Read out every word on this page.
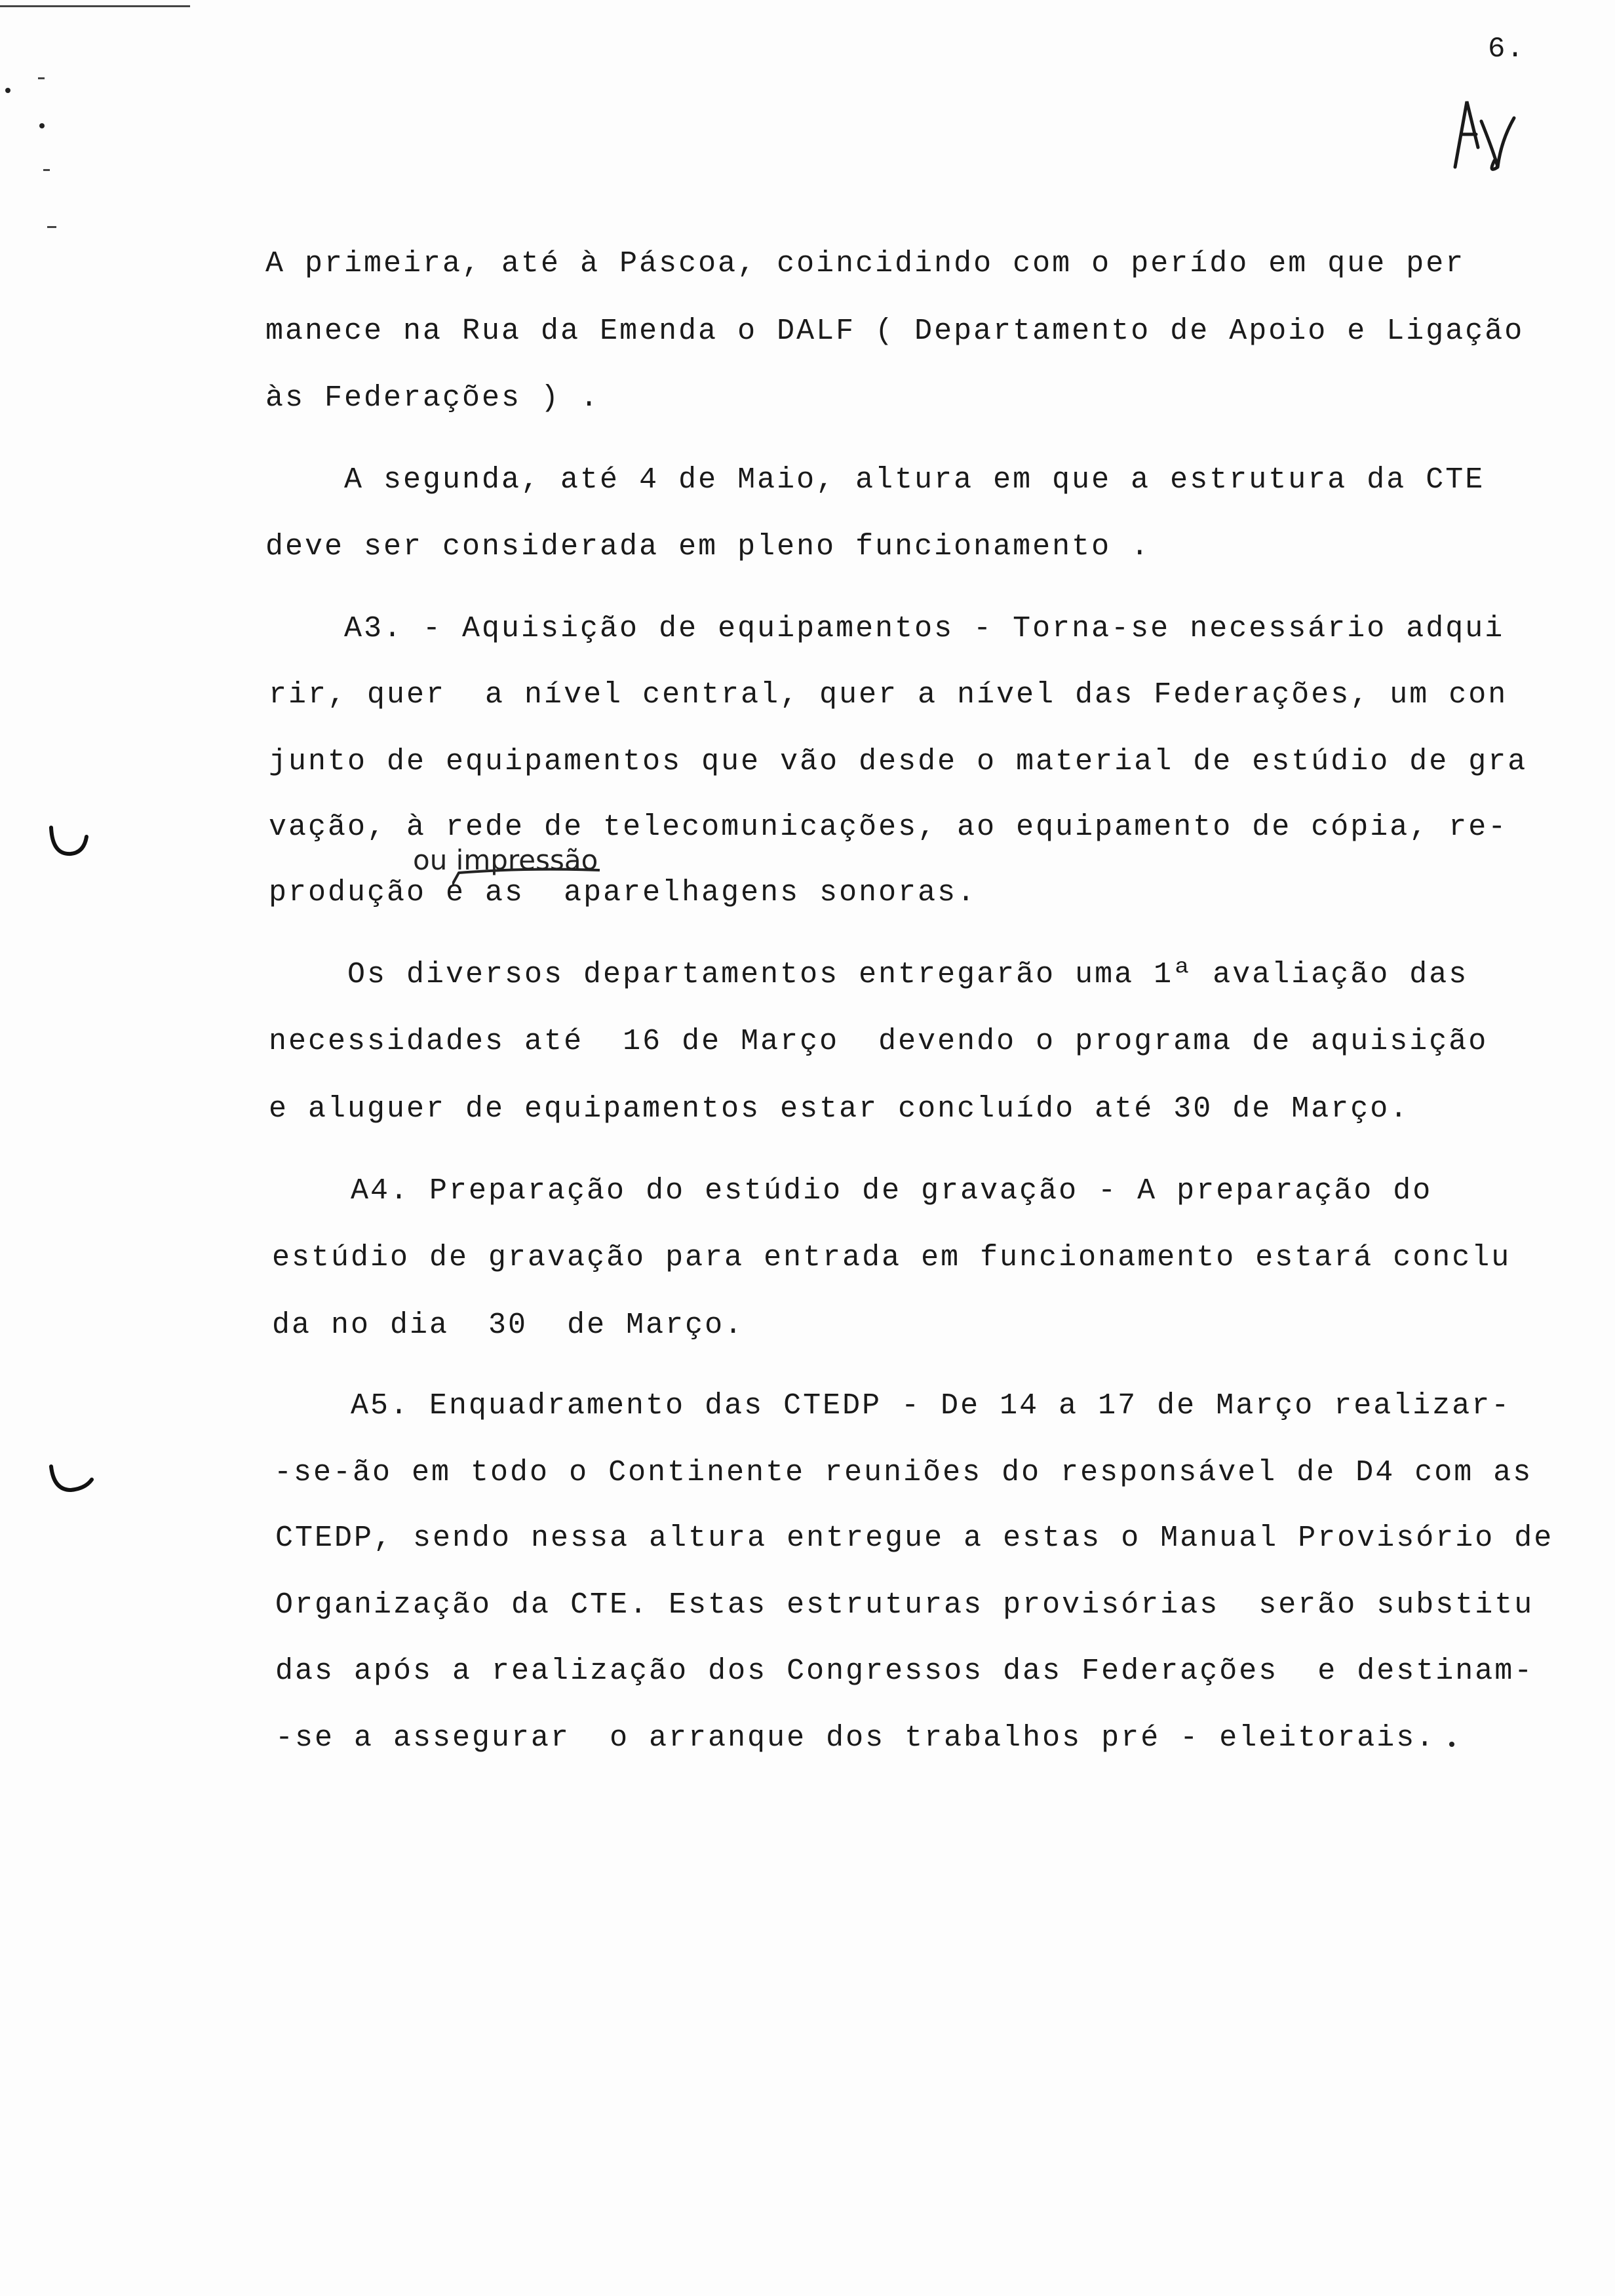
6.
A primeira, até à Páscoa, coincidindo com o perído em que per
manece na Rua da Emenda o DALF ( Departamento de Apoio e Ligação
às Federações ) .
A segunda, até 4 de Maio, altura em que a estrutura da CTE
deve ser considerada em pleno funcionamento .
A3. - Aquisição de equipamentos - Torna-se necessário adqui
rir, quer  a nível central, quer a nível das Federações, um con
junto de equipamentos que vão desde o material de estúdio de gra
vação, à rede de telecomunicações, ao equipamento de cópia, re-
ou impressão
produção e as  aparelhagens sonoras.
Os diversos departamentos entregarão uma 1ª avaliação das
necessidades até  16 de Março  devendo o programa de aquisição
e aluguer de equipamentos estar concluído até 30 de Março.
A4. Preparação do estúdio de gravação - A preparação do
estúdio de gravação para entrada em funcionamento estará conclu
da no dia  30  de Março.
A5. Enquadramento das CTEDP - De 14 a 17 de Março realizar-
-se-ão em todo o Continente reuniões do responsável de D4 com as
CTEDP, sendo nessa altura entregue a estas o Manual Provisório de
Organização da CTE. Estas estruturas provisórias  serão substitu
das após a realização dos Congressos das Federações  e destinam-
-se a assegurar  o arranque dos trabalhos pré - eleitorais.
